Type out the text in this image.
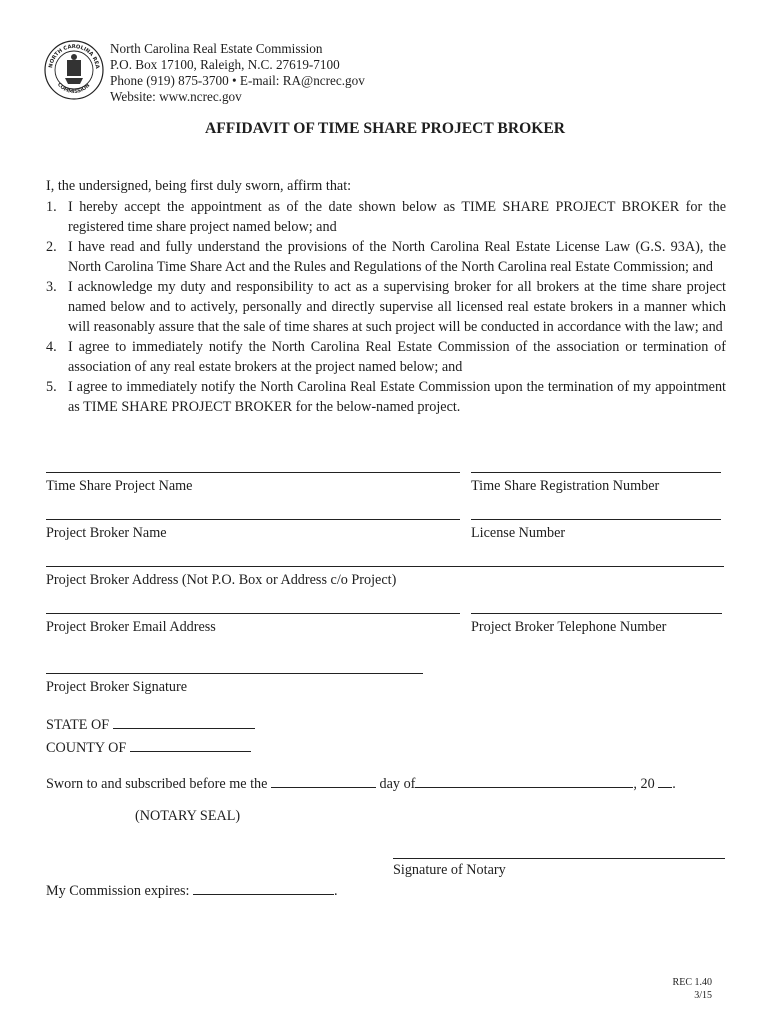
NORTH CAROLINA REA
COMMISSION
North Carolina Real Estate Commission
P.O. Box 17100, Raleigh, N.C. 27619-7100
Phone (919) 875-3700 • E-mail: RA@ncrec.gov
Website: www.ncrec.gov
AFFIDAVIT OF TIME SHARE PROJECT BROKER
I, the undersigned, being first duly sworn, affirm that:
1. I hereby accept the appointment as of the date shown below as TIME SHARE PROJECT BROKER for the registered time share project named below; and
2. I have read and fully understand the provisions of the North Carolina Real Estate License Law (G.S. 93A), the North Carolina Time Share Act and the Rules and Regulations of the North Carolina real Estate Commission; and
3. I acknowledge my duty and responsibility to act as a supervising broker for all brokers at the time share project named below and to actively, personally and directly supervise all licensed real estate brokers in a manner which will reasonably assure that the sale of time shares at such project will be conducted in accordance with the law; and
4. I agree to immediately notify the North Carolina Real Estate Commission of the association or termination of association of any real estate brokers at the project named below; and
5. I agree to immediately notify the North Carolina Real Estate Commission upon the termination of my appointment as TIME SHARE PROJECT BROKER for the below-named project.
Time Share Project Name	Time Share Registration Number
Project Broker Name	License Number
Project Broker Address (Not P.O. Box or Address c/o Project)
Project Broker Email Address	Project Broker Telephone Number
Project Broker Signature
STATE OF
COUNTY OF
Sworn to and subscribed before me the	day of	, 20 .
(NOTARY SEAL)
Signature of Notary
My Commission expires:	.
REC 1.40
3/15
